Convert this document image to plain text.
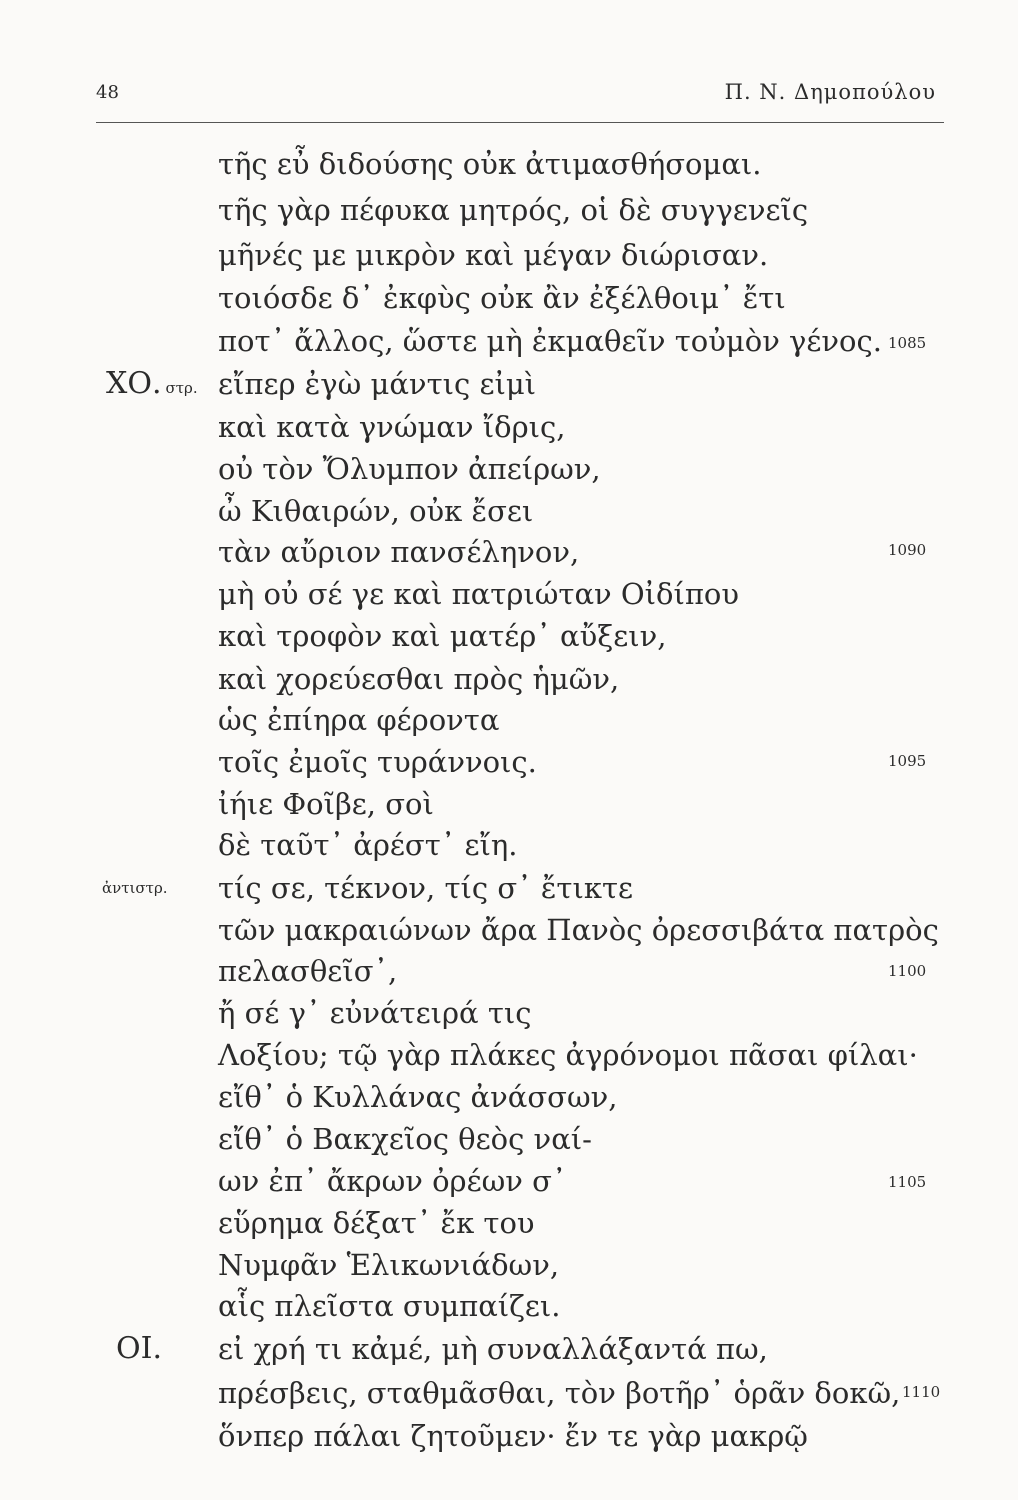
48	Π. Ν. Δημοπούλου
τῆς εὖ διδούσης οὐκ ἀτιμασθήσομαι.
τῆς γὰρ πέφυκα μητρός, οἱ δὲ συγγενεῖς
μῆνές με μικρὸν καὶ μέγαν διώρισαν.
τοιόσδε δ᾽ ἐκφὺς οὐκ ἂν ἐξέλθοιμ᾽ ἔτι
ποτ᾽ ἄλλος, ὥστε μὴ ἐκμαθεῖν τοὐμὸν γένος.
εἴπερ ἐγὼ μάντις εἰμὶ
καὶ κατὰ γνώμαν ἴδρις,
οὐ τὸν Ὄλυμπον ἀπείρων,
ὦ Κιθαιρών, οὐκ ἔσει
τὰν αὔριον πανσέληνον,
μὴ οὐ σέ γε καὶ πατριώταν Οἰδίπου
καὶ τροφὸν καὶ ματέρ᾽ αὔξειν,
καὶ χορεύεσθαι πρὸς ἡμῶν,
ὡς ἐπίηρα φέροντα
τοῖς ἐμοῖς τυράννοις.
ἰήιε Φοῖβε, σοὶ
δὲ ταῦτ᾽ ἀρέστ᾽ εἴη.
τίς σε, τέκνον, τίς σ᾽ ἔτικτε
τῶν μακραιώνων ἄρα Πανὸς ὀρεσσιβάτα πατρὸς
πελασθεῖσ᾽,
ἤ σέ γ᾽ εὐνάτειρά τις
Λοξίου; τῷ γὰρ πλάκες ἀγρόνομοι πᾶσαι φίλαι·
εἴθ᾽ ὁ Κυλλάνας ἀνάσσων,
εἴθ᾽ ὁ Βακχεῖος θεὸς ναί-
ων ἐπ᾽ ἄκρων ὀρέων σ᾽
εὕρημα δέξατ᾽ ἔκ του
Νυμφᾶν Ἑλικωνιάδων,
αἷς πλεῖστα συμπαίζει.
εἰ χρή τι κἀμέ, μὴ συναλλάξαντά πω,
πρέσβεις, σταθμᾶσθαι, τὸν βοτῆρ᾽ ὁρᾶν δοκῶ,
ὅνπερ πάλαι ζητοῦμεν· ἔν τε γὰρ μακρῷ
ΧΟ. στρ.
ἀντιστρ.
ΟΙ.
1085
1090
1095
1100
1105
1110
